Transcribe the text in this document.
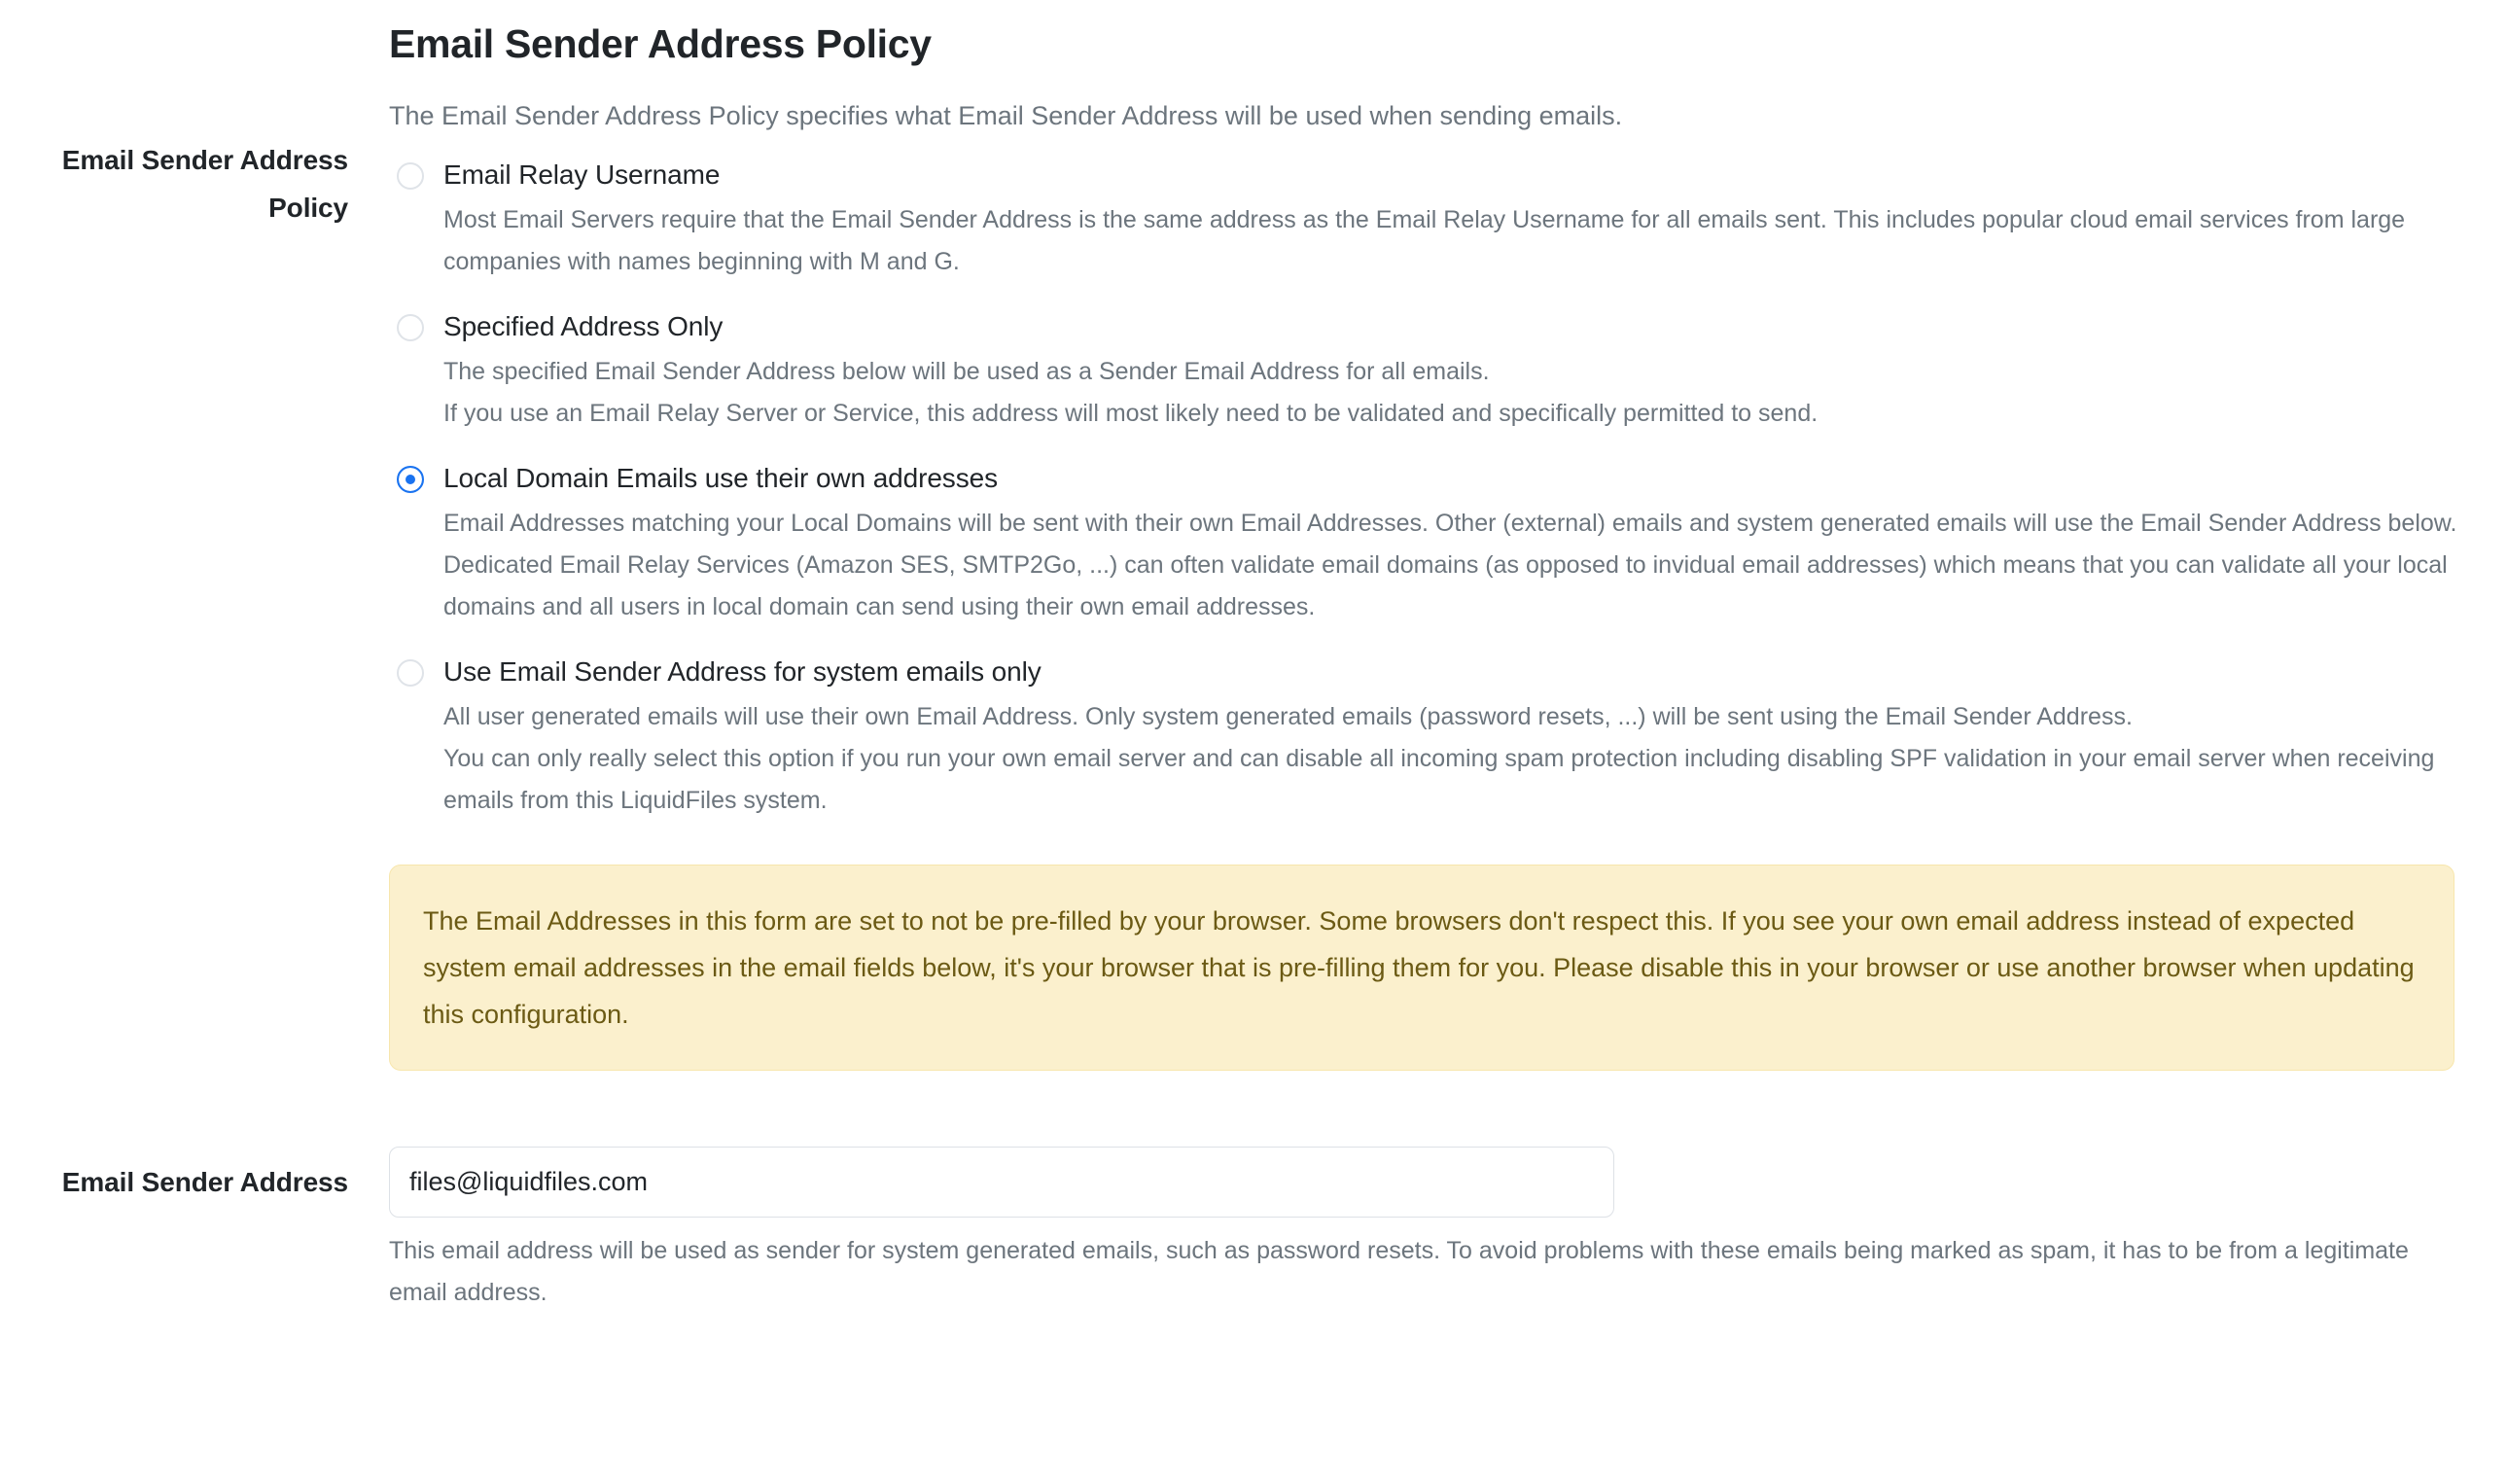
Email Sender Address Policy
The Email Sender Address Policy specifies what Email Sender Address will be used when sending emails.
Email Sender Address Policy
Email Relay Username

Most Email Servers require that the Email Sender Address is the same address as the Email Relay Username for all emails sent. This includes popular cloud email services from large companies with names beginning with M and G.

Specified Address Only

The specified Email Sender Address below will be used as a Sender Email Address for all emails.

If you use an Email Relay Server or Service, this address will most likely need to be validated and specifically permitted to send.

Local Domain Emails use their own addresses

Email Addresses matching your Local Domains will be sent with their own Email Addresses. Other (external) emails and system generated emails will use the Email Sender Address below.

Dedicated Email Relay Services (Amazon SES, SMTP2Go, ...) can often validate email domains (as opposed to invidual email addresses) which means that you can validate all your local domains and all users in local domain can send using their own email addresses.

Use Email Sender Address for system emails only

All user generated emails will use their own Email Address. Only system generated emails (password resets, ...) will be sent using the Email Sender Address.

You can only really select this option if you run your own email server and can disable all incoming spam protection including disabling SPF validation in your email server when receiving emails from this LiquidFiles system.

The Email Addresses in this form are set to not be pre-filled by your browser. Some browsers don't respect this. If you see your own email address instead of expected system email addresses in the email fields below, it's your browser that is pre-filling them for you. Please disable this in your browser or use another browser when updating this configuration.
Email Sender Address
files@liquidfiles.com
This email address will be used as sender for system generated emails, such as password resets. To avoid problems with these emails being marked as spam, it has to be from a legitimate email address.
